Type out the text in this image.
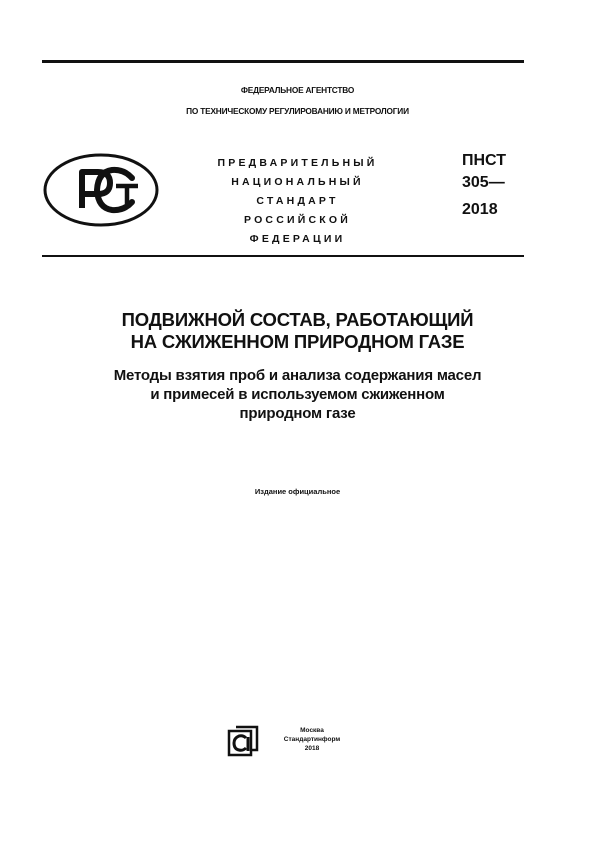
ФЕДЕРАЛЬНОЕ АГЕНТСТВО
ПО ТЕХНИЧЕСКОМУ РЕГУЛИРОВАНИЮ И МЕТРОЛОГИИ
ПРЕДВАРИТЕЛЬНЫЙ
НАЦИОНАЛЬНЫЙ
СТАНДАРТ
РОССИЙСКОЙ
ФЕДЕРАЦИИ
ПНСТ
305—
2018
ПОДВИЖНОЙ СОСТАВ, РАБОТАЮЩИЙ
НА СЖИЖЕННОМ ПРИРОДНОМ ГАЗЕ
Методы взятия проб и анализа содержания масел
и примесей в используемом сжиженном
природном газе
Издание официальное
Москва
Стандартинформ
2018
